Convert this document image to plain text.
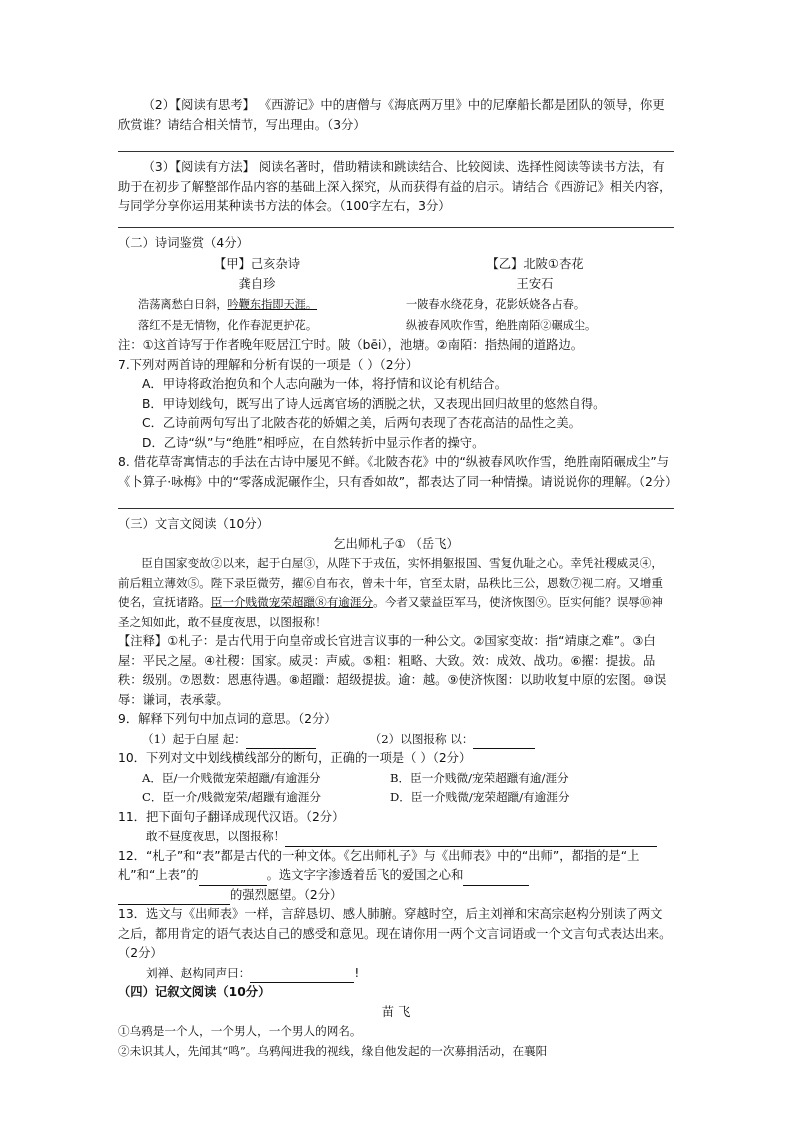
（2）【阅读有思考】 《西游记》中的唐僧与《海底两万里》中的尼摩船长都是团队的领导，你更欣赏谁？请结合相关情节，写出理由。（3分）

（3）【阅读有方法】 阅读名著时，借助精读和跳读结合、比较阅读、选择性阅读等读书方法，有助于在初步了解整部作品内容的基础上深入探究，从而获得有益的启示。请结合《西游记》相关内容，与同学分享你运用某种读书方法的体会。（100字左右，3分）

（二）诗词鉴赏（4分）

【甲】己亥杂诗

龚自珍

浩荡离愁白日斜，吟鞭东指即天涯。

落红不是无情物，化作春泥更护花。

【乙】北陂①杏花

王安石

一陂春水绕花身，花影妖娆各占春。

纵被春风吹作雪，绝胜南陌②碾成尘。

注：①这首诗写于作者晚年贬居江宁时。陂（bēi），池塘。②南陌：指热闹的道路边。

7.下列对两首诗的理解和分析有误的一项是（ ）（2分）

A．甲诗将政治抱负和个人志向融为一体，将抒情和议论有机结合。

B．甲诗划线句，既写出了诗人远离官场的洒脱之状，又表现出回归故里的悠然自得。

C．乙诗前两句写出了北陂杏花的娇媚之美，后两句表现了杏花高洁的品性之美。

D．乙诗“纵”与“绝胜”相呼应，在自然转折中显示作者的操守。

8. 借花草寄寓情志的手法在古诗中屡见不鲜。《北陂杏花》中的“纵被春风吹作雪，绝胜南陌碾成尘”与《卜算子·咏梅》中的“零落成泥碾作尘，只有香如故”，都表达了同一种情操。请说说你的理解。（2分）

（三）文言文阅读（10分）

乞出师札子① （岳飞）

臣自国家变故②以来，起于白屋③，从陛下于戎伍，实怀捐躯报国、雪复仇耻之心。幸凭社稷威灵④，前后粗立薄效⑤。陛下录臣微劳，擢⑥自布衣，曾未十年，官至太尉，品秩比三公，恩数⑦视二府。又增重使名，宣抚诸路。臣一介贱微宠荣超躐⑧有逾涯分。今者又蒙益臣军马，使济恢图⑨。臣实何能？误辱⑩神圣之知如此，敢不昼度夜思，以图报称！

【注释】①札子：是古代用于向皇帝或长官进言议事的一种公文。②国家变故：指“靖康之难”。③白屋：平民之屋。④社稷：国家。威灵：声威。⑤粗：粗略、大致。效：成效、战功。⑥擢：提拔。品秩：级别。⑦恩数：恩惠待遇。⑧超躐：超级提拔。逾：越。⑨使济恢图：以助收复中原的宏图。⑩误辱：谦词，表承蒙。

9．解释下列句中加点词的意思。（2分）

（1）起于白屋 起：	（2）以图报称 以：

10．下列对文中划线横线部分的断句，正确的一项是（ ）（2分）

A．臣/一介贱微宠荣超躐/有逾涯分	B．臣一介贱微/宠荣超躐有逾/涯分
C．臣一介/贱微宠荣/超躐有逾涯分	D．臣一介贱微/宠荣超躐/有逾涯分

11．把下面句子翻译成现代汉语。（2分）

敢不昼度夜思，以图报称！

12．“札子”和“表”都是古代的一种文体。《乞出师札子》与《出师表》中的“出师”，都指的是“上札”和“上表”的	。选文字字渗透着岳飞的爱国之心和
的强烈愿望。（2分）

13．选文与《出师表》一样，言辞恳切、感人肺腑。穿越时空，后主刘禅和宋高宗赵构分别读了两文之后，都用肯定的语气表达自己的感受和意见。现在请你用一两个文言词语或一个文言句式表达出来。（2分）

刘禅、赵构同声曰：	!

（四）记叙文阅读（10分）

苗 飞

①乌鸦是一个人，一个男人，一个男人的网名。

②未识其人，先闻其“鸣”。乌鸦闯进我的视线，缘自他发起的一次募捐活动，在襄阳
